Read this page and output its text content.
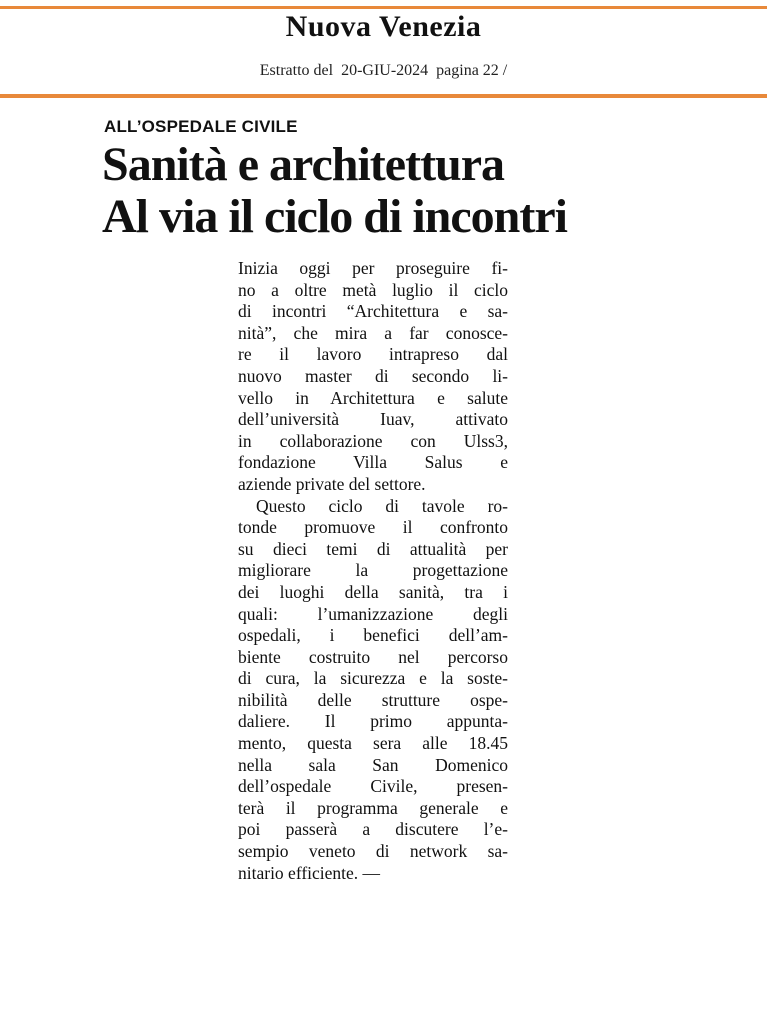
Nuova Venezia
Estratto del 20-GIU-2024 pagina 22 /
ALL’OSPEDALE CIVILE
Sanità e architettura
Al via il ciclo di incontri

Inizia oggi per proseguire fi-
no a oltre metà luglio il ciclo
di incontri “Architettura e sa-
nità”, che mira a far conosce-
re il lavoro intrapreso dal
nuovo master di secondo li-
vello in Architettura e salute
dell’università Iuav, attivato
in collaborazione con Ulss3,
fondazione Villa Salus e
aziende private del settore.

Questo ciclo di tavole ro-
tonde promuove il confronto
su dieci temi di attualità per
migliorare la progettazione
dei luoghi della sanità, tra i
quali: l’umanizzazione degli
ospedali, i benefici dell’am-
biente costruito nel percorso
di cura, la sicurezza e la soste-
nibilità delle strutture ospe-
daliere. Il primo appunta-
mento, questa sera alle 18.45
nella sala San Domenico
dell’ospedale Civile, presen-
terà il programma generale e
poi passerà a discutere l’e-
sempio veneto di network sa-
nitario efficiente. —
